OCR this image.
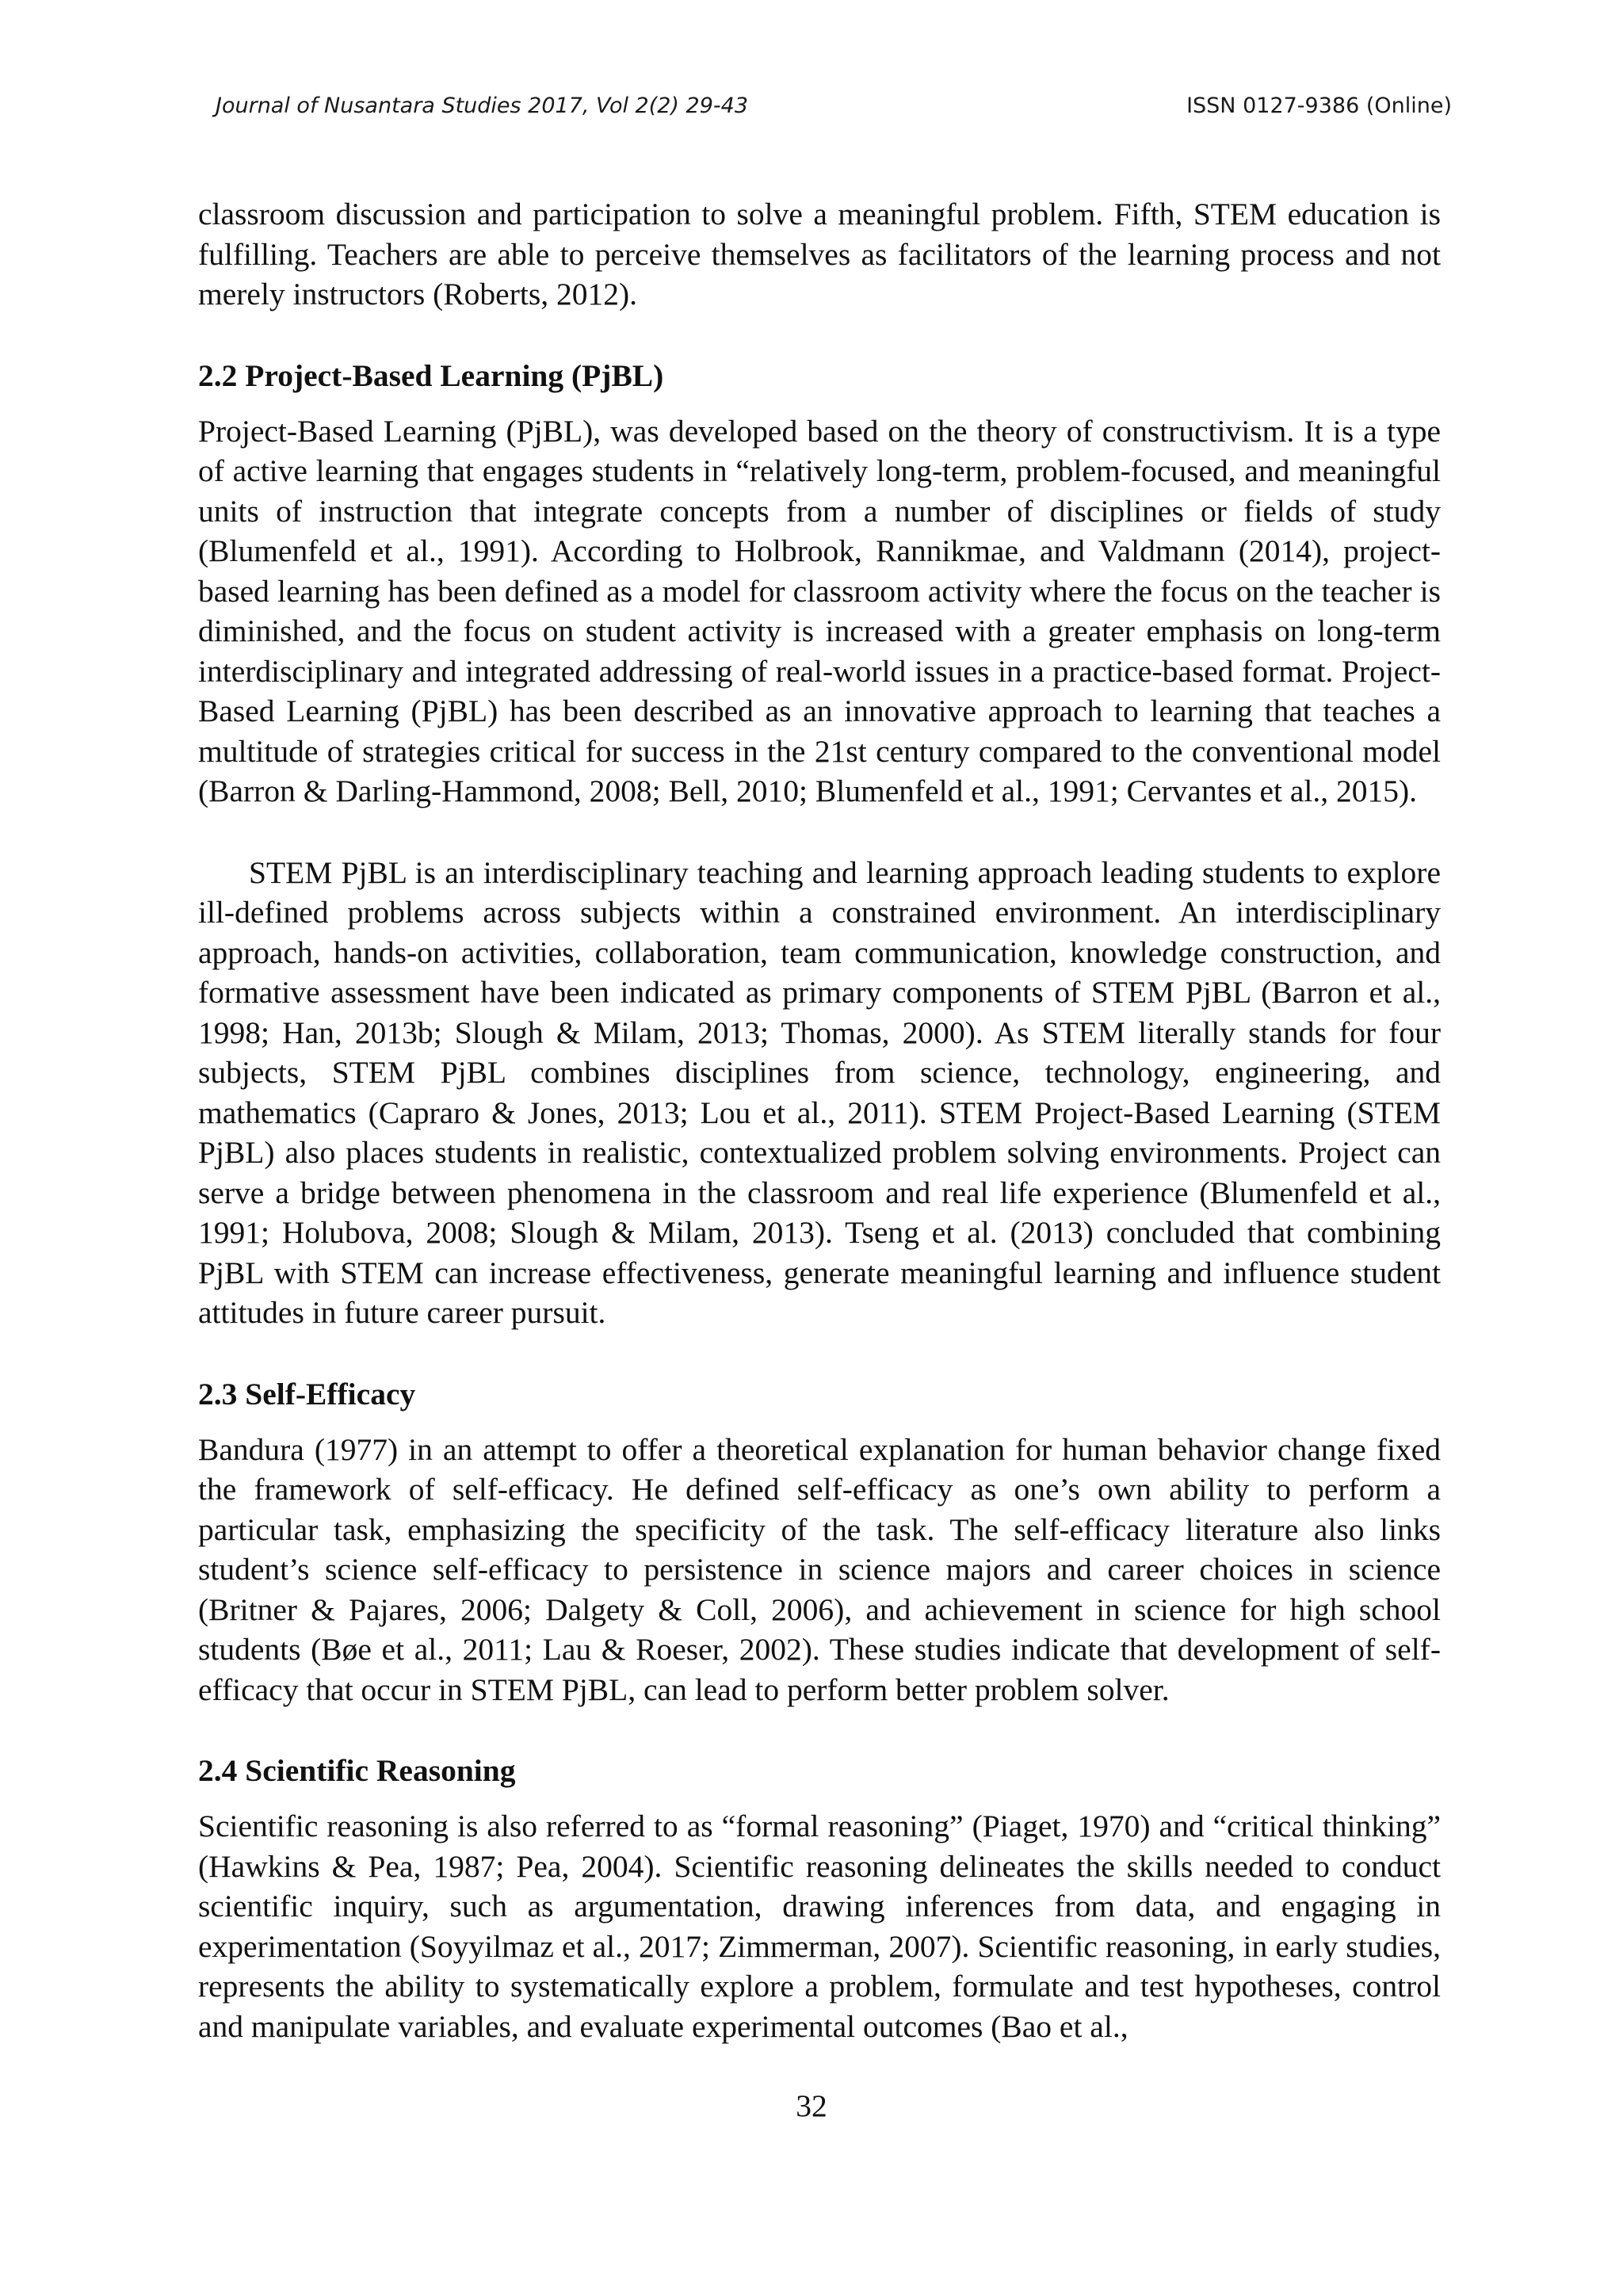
Journal of Nusantara Studies 2017, Vol 2(2) 29-43	ISSN 0127-9386 (Online)

classroom discussion and participation to solve a meaningful problem. Fifth, STEM education is fulfilling. Teachers are able to perceive themselves as facilitators of the learning process and not merely instructors (Roberts, 2012).

2.2 Project-Based Learning (PjBL)

Project-Based Learning (PjBL), was developed based on the theory of constructivism. It is a type of active learning that engages students in “relatively long-term, problem-focused, and meaningful units of instruction that integrate concepts from a number of disciplines or fields of study (Blumenfeld et al., 1991). According to Holbrook, Rannikmae, and Valdmann (2014), project-based learning has been defined as a model for classroom activity where the focus on the teacher is diminished, and the focus on student activity is increased with a greater emphasis on long-term interdisciplinary and integrated addressing of real-world issues in a practice-based format. Project-Based Learning (PjBL) has been described as an innovative approach to learning that teaches a multitude of strategies critical for success in the 21st century compared to the conventional model (Barron & Darling-Hammond, 2008; Bell, 2010; Blumenfeld et al., 1991; Cervantes et al., 2015).

STEM PjBL is an interdisciplinary teaching and learning approach leading students to explore ill-defined problems across subjects within a constrained environment. An interdisciplinary approach, hands-on activities, collaboration, team communication, knowledge construction, and formative assessment have been indicated as primary components of STEM PjBL (Barron et al., 1998; Han, 2013b; Slough & Milam, 2013; Thomas, 2000). As STEM literally stands for four subjects, STEM PjBL combines disciplines from science, technology, engineering, and mathematics (Capraro & Jones, 2013; Lou et al., 2011). STEM Project-Based Learning (STEM PjBL) also places students in realistic, contextualized problem solving environments. Project can serve a bridge between phenomena in the classroom and real life experience (Blumenfeld et al., 1991; Holubova, 2008; Slough & Milam, 2013). Tseng et al. (2013) concluded that combining PjBL with STEM can increase effectiveness, generate meaningful learning and influence student attitudes in future career pursuit.

2.3 Self-Efficacy

Bandura (1977) in an attempt to offer a theoretical explanation for human behavior change fixed the framework of self-efficacy. He defined self-efficacy as one’s own ability to perform a particular task, emphasizing the specificity of the task. The self-efficacy literature also links student’s science self-efficacy to persistence in science majors and career choices in science (Britner & Pajares, 2006; Dalgety & Coll, 2006), and achievement in science for high school students (Bøe et al., 2011; Lau & Roeser, 2002). These studies indicate that development of self-efficacy that occur in STEM PjBL, can lead to perform better problem solver.

2.4 Scientific Reasoning

Scientific reasoning is also referred to as “formal reasoning” (Piaget, 1970) and “critical thinking” (Hawkins & Pea, 1987; Pea, 2004). Scientific reasoning delineates the skills needed to conduct scientific inquiry, such as argumentation, drawing inferences from data, and engaging in experimentation (Soyyilmaz et al., 2017; Zimmerman, 2007). Scientific reasoning, in early studies, represents the ability to systematically explore a problem, formulate and test hypotheses, control and manipulate variables, and evaluate experimental outcomes (Bao et al.,

32
